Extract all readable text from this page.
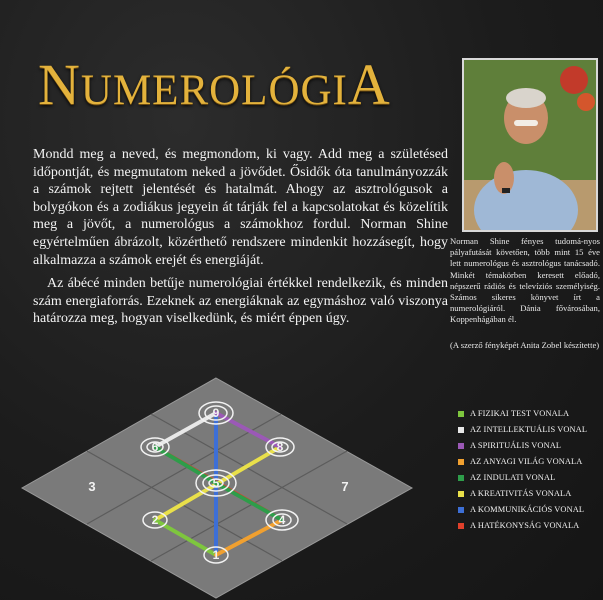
NUMEROLÓGIA

Mondd meg a neved, és megmondom, ki vagy. Add meg a születésed időpontját, és megmutatom neked a jövődet. Ősidők óta tanulmányozzák a számok rejtett jelentését és hatalmát. Ahogy az asztrológusok a bolygókon és a zodiákus jegyein át tárják fel a kapcsolatokat és közelítik meg a jövőt, a numerológus a számokhoz fordul. Norman Shine egyértelműen ábrázolt, közérthető rendszere mindenkit hozzásegít, hogy alkalmazza a számok erejét és energiáját.

Az ábécé minden betűje numerológiai értékkel rendelkezik, és minden szám energiaforrás. Ezeknek az energiáknak az egymáshoz való viszonya határozza meg, hogyan viselkedünk, és miért éppen úgy.

Norman Shine fényes tudomá-nyos pályafutását követően, több mint 15 éve lett numerológus és asztrológus tanácsadó. Minkét témakörben keresett előadó, népszerű rádiós és televíziós személyiség. Számos sikeres könyvet írt a numerológiáról. Dánia fővárosában, Koppenhágában él.
(A szerző fényképét Anita Zobel készítette)
A FIZIKAI TEST VONALA
AZ INTELLEKTUÁLIS VONAL
A SPIRITUÁLIS VONAL
AZ ANYAGI VILÁG VONALA
AZ INDULATI VONAL
A KREATIVITÁS VONALA
A KOMMUNIKÁCIÓS VONAL
A HATÉKONYSÁG VONALA
9
6	8
5
2	4
1
3	7
